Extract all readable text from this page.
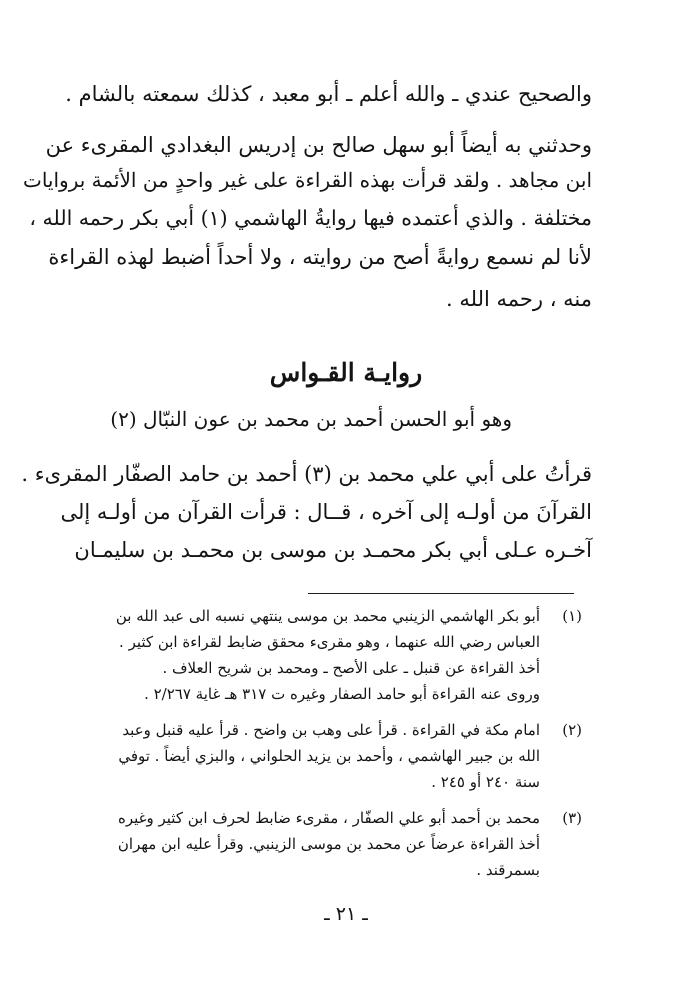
والصحيح عندي ـ والله أعلم ـ أبو معبد ، كذلك سمعته بالشام .
وحدثني به أيضاً أبو سهل صالح بن إدريس البغدادي المقرىء عن
ابن مجاهد . ولقد قرأت بهذه القراءة على غير واحدٍ من الأئمة بروايات
مختلفة . والذي أعتمده فيها روايةُ الهاشمي (١) أبي بكر رحمه الله ،
لأنا لم نسمع روايةً أصح من روايته ، ولا أحداً أضبط لهذه القراءة
منه ، رحمه الله .
روايـة القـواس
وهو أبو الحسن أحمد بن محمد بن عون النبّال (٢)
قرأتُ على أبي علي محمد بن (٣) أحمد بن حامد الصفّار المقرىء .
القرآنَ من أولـه إلى آخره ، قــال : قرأت القرآن من أولـه إلى
آخـره عـلى أبي بكر محمـد بن موسى بن محمـد بن سليمـان
(١)
أبو بكر الهاشمي الزينبي محمد بن موسى ينتهي نسبه الى عبد الله بن
العباس رضي الله عنهما ، وهو مقرىء محقق ضابط لقراءة ابن كثير .
أخذ القراءة عن قنبل ـ على الأصح ـ ومحمد بن شريح العلاف .
وروى عنه القراءة أبو حامد الصفار وغيره ت ٣١٧ هـ غاية ٢/٢٦٧ .
(٢)
امام مكة في القراءة . قرأ على وهب بن واضح . قرأ عليه قنبل وعبد
الله بن جبير الهاشمي ، وأحمد بن يزيد الحلواني ، والبزي أيضاً . توفي
سنة ٢٤٠ أو ٢٤٥ .
(٣)
محمد بن أحمد أبو علي الصفّار ، مقرىء ضابط لحرف ابن كثير وغيره
أخذ القراءة عرضاً عن محمد بن موسى الزينبي. وقرأ عليه ابن مهران
بسمرقند .
ـ ٢١ ـ
